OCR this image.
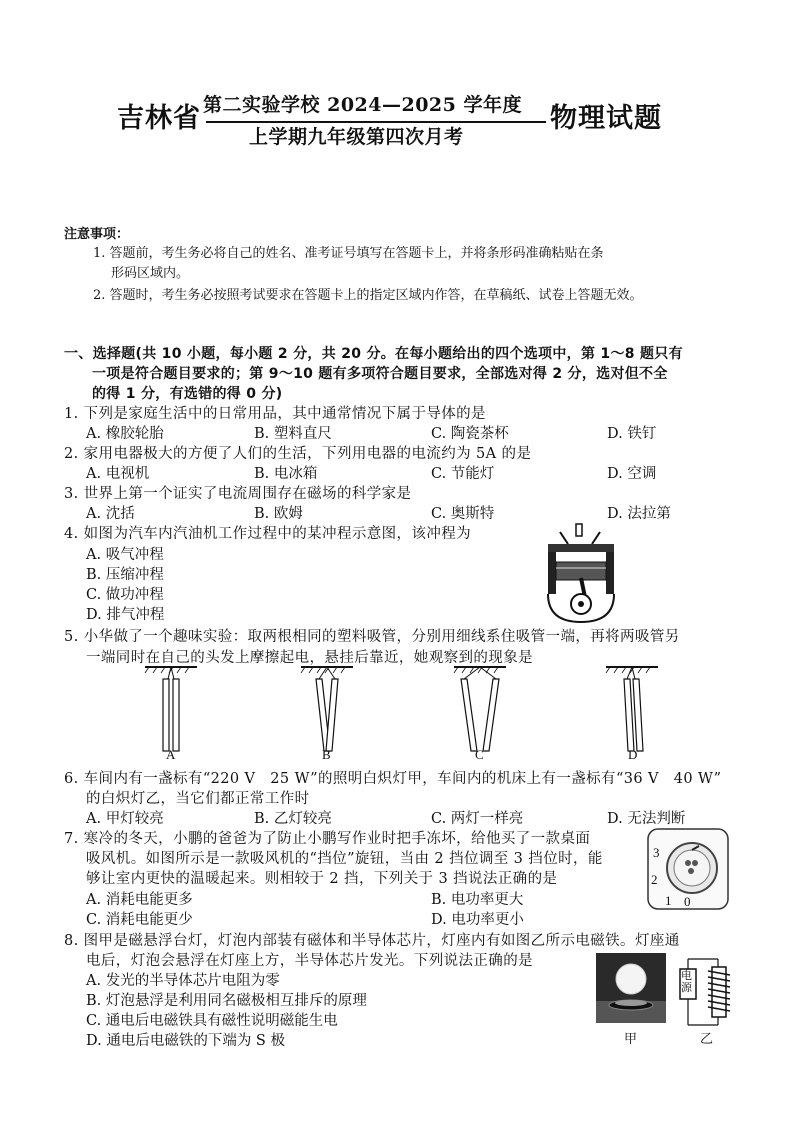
吉林省 第二实验学校 2024—2025 学年度
上学期九年级第四次月考
物理试题
注意事项：
1. 答题前，考生务必将自己的姓名、准考证号填写在答题卡上，并将条形码准确粘贴在条
形码区域内。
2. 答题时，考生务必按照考试要求在答题卡上的指定区域内作答，在草稿纸、试卷上答题无效。
一、选择题(共 10 小题，每小题 2 分，共 20 分。在每小题给出的四个选项中，第 1～8 题只有
一项是符合题目要求的；第 9～10 题有多项符合题目要求，全部选对得 2 分，选对但不全
的得 1 分，有选错的得 0 分)
1. 下列是家庭生活中的日常用品，其中通常情况下属于导体的是
A. 橡胶轮胎	B. 塑料直尺	C. 陶瓷茶杯	D. 铁钉
2. 家用电器极大的方便了人们的生活，下列用电器的电流约为 5A 的是
A. 电视机	B. 电冰箱	C. 节能灯	D. 空调
3. 世界上第一个证实了电流周围存在磁场的科学家是
A. 沈括	B. 欧姆	C. 奥斯特	D. 法拉第
4. 如图为汽车内汽油机工作过程中的某冲程示意图，该冲程为
A. 吸气冲程
B. 压缩冲程
C. 做功冲程
D. 排气冲程
5. 小华做了一个趣味实验：取两根相同的塑料吸管，分别用细线系住吸管一端，再将两吸管另
一端同时在自己的头发上摩擦起电，悬挂后靠近，她观察到的现象是
A	B	C	D
6. 车间内有一盏标有“220 V　25 W”的照明白炽灯甲，车间内的机床上有一盏标有“36 V　40 W”
的白炽灯乙，当它们都正常工作时
A. 甲灯较亮	B. 乙灯较亮	C. 两灯一样亮	D. 无法判断
7. 寒冷的冬天，小鹏的爸爸为了防止小鹏写作业时把手冻坏，给他买了一款桌面
吸风机。如图所示是一款吸风机的“挡位”旋钮，当由 2 挡位调至 3 挡位时，能
够让室内更快的温暖起来。则相较于 2 挡，下列关于 3 挡说法正确的是
A. 消耗电能更多	B. 电功率更大
C. 消耗电能更少	D. 电功率更小
3
2
1 0
8. 图甲是磁悬浮台灯，灯泡内部装有磁体和半导体芯片，灯座内有如图乙所示电磁铁。灯座通
电后，灯泡会悬浮在灯座上方，半导体芯片发光。下列说法正确的是
A. 发光的半导体芯片电阻为零
B. 灯泡悬浮是利用同名磁极相互排斥的原理
C. 通电后电磁铁具有磁性说明磁能生电
D. 通电后电磁铁的下端为 S 极
电源
甲	乙
